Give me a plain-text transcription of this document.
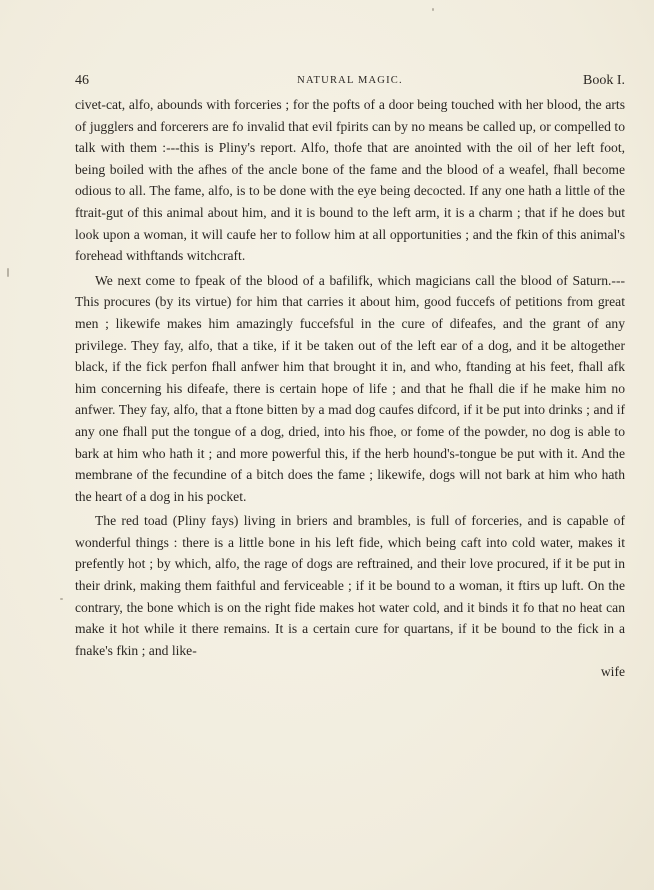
46	NATURAL MAGIC.	Book I.

civet-cat, alfo, abounds with forceries ; for the pofts of a door being touched with her blood, the arts of jugglers and forcerers are fo invalid that evil fpirits can by no means be called up, or compelled to talk with them :---this is Pliny's report. Alfo, thofe that are anointed with the oil of her left foot, being boiled with the afhes of the ancle bone of the fame and the blood of a weafel, fhall become odious to all. The fame, alfo, is to be done with the eye being decocted. If any one hath a little of the ftrait-gut of this animal about him, and it is bound to the left arm, it is a charm ; that if he does but look upon a woman, it will caufe her to follow him at all opportunities ; and the fkin of this animal's forehead withftands witchcraft.

We next come to fpeak of the blood of a bafilifk, which magicians call the blood of Saturn.---This procures (by its virtue) for him that carries it about him, good fuccefs of petitions from great men ; likewife makes him amazingly fuccefsful in the cure of difeafes, and the grant of any privilege. They fay, alfo, that a tike, if it be taken out of the left ear of a dog, and it be altogether black, if the fick perfon fhall anfwer him that brought it in, and who, ftanding at his feet, fhall afk him concerning his difeafe, there is certain hope of life ; and that he fhall die if he make him no anfwer. They fay, alfo, that a ftone bitten by a mad dog caufes difcord, if it be put into drinks ; and if any one fhall put the tongue of a dog, dried, into his fhoe, or fome of the powder, no dog is able to bark at him who hath it ; and more powerful this, if the herb hound's-tongue be put with it. And the membrane of the fecundine of a bitch does the fame ; likewife, dogs will not bark at him who hath the heart of a dog in his pocket.

The red toad (Pliny fays) living in briers and brambles, is full of forceries, and is capable of wonderful things : there is a little bone in his left fide, which being caft into cold water, makes it prefently hot ; by which, alfo, the rage of dogs are reftrained, and their love procured, if it be put in their drink, making them faithful and ferviceable ; if it be bound to a woman, it ftirs up luft. On the contrary, the bone which is on the right fide makes hot water cold, and it binds it fo that no heat can make it hot while it there remains. It is a certain cure for quartans, if it be bound to the fick in a fnake's fkin ; and like-

wife
